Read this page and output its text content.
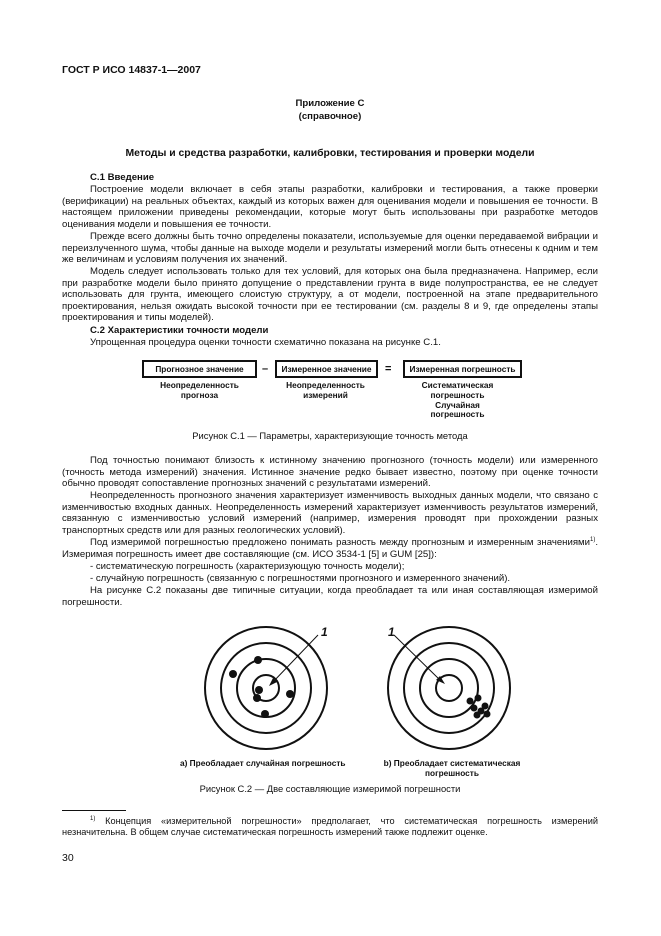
ГОСТ Р ИСО 14837-1—2007
Приложение С
(справочное)
Методы и средства разработки, калибровки, тестирования и проверки модели

С.1 Введение

Построение модели включает в себя этапы разработки, калибровки и тестирования, а также проверки (верификации) на реальных объектах, каждый из которых важен для оценивания модели и повышения ее точности. В настоящем приложении приведены рекомендации, которые могут быть использованы при разработке методов оценивания модели и повышения ее точности.

Прежде всего должны быть точно определены показатели, используемые для оценки передаваемой вибрации и переизлученного шума, чтобы данные на выходе модели и результаты измерений могли быть отнесены к одним и тем же величинам и условиям получения их значений.

Модель следует использовать только для тех условий, для которых она была предназначена. Например, если при разработке модели было принято допущение о представлении грунта в виде полупространства, ее не следует использовать для грунта, имеющего слоистую структуру, а от модели, построенной на этапе предварительного проектирования, нельзя ожидать высокой точности при ее тестировании (см. разделы 8 и 9, где определены этапы проектирования и типы моделей).

С.2 Характеристики точности модели

Упрощенная процедура оценки точности схематично показана на рисунке С.1.

Прогнозное значение	–	Измеренное значение	=	Измеренная погрешность
Неопределенность
прогноза
Неопределенность
измерений
Систематическая
погрешность
Случайная
погрешность
Рисунок С.1 — Параметры, характеризующие точность метода

Под точностью понимают близость к истинному значению прогнозного (точность модели) или измеренного (точность метода измерений) значения. Истинное значение редко бывает известно, поэтому при оценке точности обычно проводят сопоставление прогнозных значений с результатами измерений.

Неопределенность прогнозного значения характеризует изменчивость выходных данных модели, что связано с изменчивостью входных данных. Неопределенность измерений характеризует изменчивость результатов измерений, связанную с изменчивостью условий измерений (например, измерения проводят при прохождении разных транспортных средств или для разных геологических условий).

Под измеримой погрешностью предложено понимать разность между прогнозным и измеренным значениями$^{1)}$. Измеримая погрешность имеет две составляющие (см. ИСО 3534-1 [5] и GUM [25]):

- систематическую погрешность (характеризующую точность модели);

- случайную погрешность (связанную с погрешностями прогнозного и измеренного значений).

На рисунке С.2 показаны две типичные ситуации, когда преобладает та или иная составляющая измеримой погрешности.

1	1
а) Преобладает случайная погрешность	b) Преобладает систематическая
погрешность
Рисунок С.2 — Две составляющие измеримой погрешности

$^{1)}$ Концепция «измерительной погрешности» предполагает, что систематическая погрешность измерений незначительна. В общем случае систематическая погрешность измерений также подлежит оценке.

30
